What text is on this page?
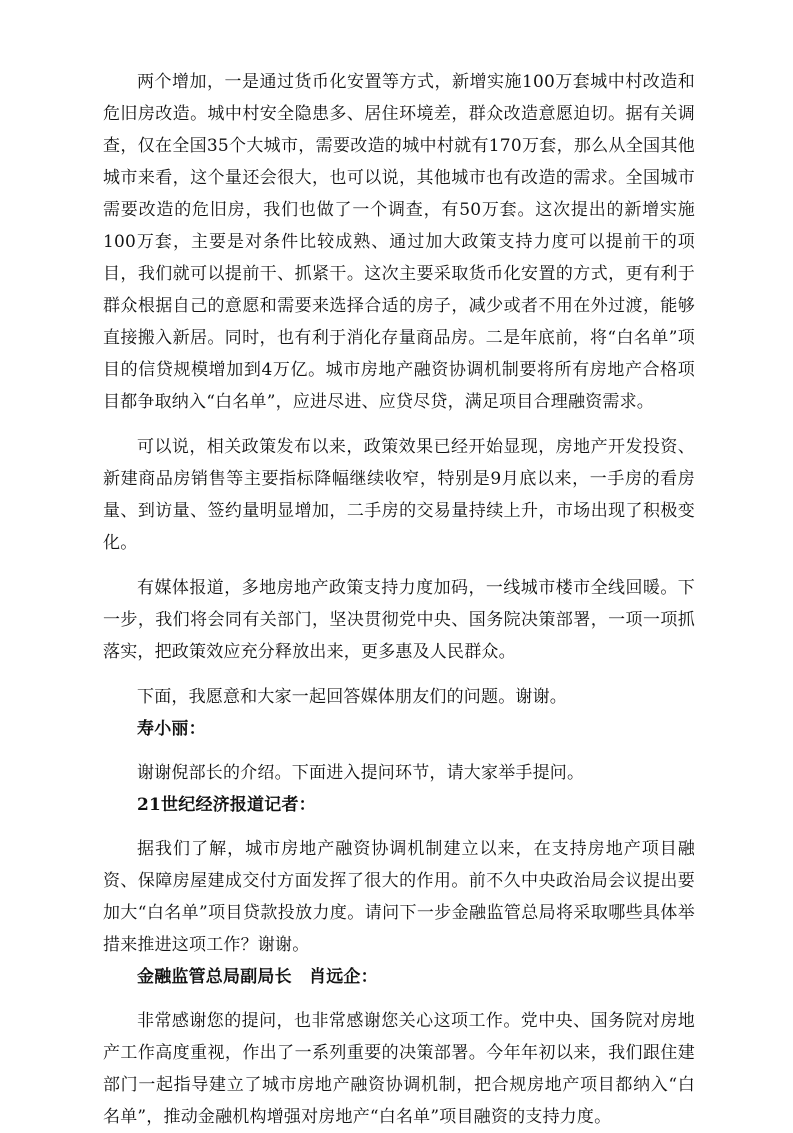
两个增加，一是通过货币化安置等方式，新增实施100万套城中村改造和危旧房改造。城中村安全隐患多、居住环境差，群众改造意愿迫切。据有关调查，仅在全国35个大城市，需要改造的城中村就有170万套，那么从全国其他城市来看，这个量还会很大，也可以说，其他城市也有改造的需求。全国城市需要改造的危旧房，我们也做了一个调查，有50万套。这次提出的新增实施100万套，主要是对条件比较成熟、通过加大政策支持力度可以提前干的项目，我们就可以提前干、抓紧干。这次主要采取货币化安置的方式，更有利于群众根据自己的意愿和需要来选择合适的房子，减少或者不用在外过渡，能够直接搬入新居。同时，也有利于消化存量商品房。二是年底前，将“白名单”项目的信贷规模增加到4万亿。城市房地产融资协调机制要将所有房地产合格项目都争取纳入“白名单”，应进尽进、应贷尽贷，满足项目合理融资需求。

可以说，相关政策发布以来，政策效果已经开始显现，房地产开发投资、新建商品房销售等主要指标降幅继续收窄，特别是9月底以来，一手房的看房量、到访量、签约量明显增加，二手房的交易量持续上升，市场出现了积极变化。

有媒体报道，多地房地产政策支持力度加码，一线城市楼市全线回暖。下一步，我们将会同有关部门，坚决贯彻党中央、国务院决策部署，一项一项抓落实，把政策效应充分释放出来，更多惠及人民群众。

下面，我愿意和大家一起回答媒体朋友们的问题。谢谢。

寿小丽：

谢谢倪部长的介绍。下面进入提问环节，请大家举手提问。

21世纪经济报道记者：

据我们了解，城市房地产融资协调机制建立以来，在支持房地产项目融资、保障房屋建成交付方面发挥了很大的作用。前不久中央政治局会议提出要加大“白名单”项目贷款投放力度。请问下一步金融监管总局将采取哪些具体举措来推进这项工作？谢谢。

金融监管总局副局长　肖远企：

非常感谢您的提问，也非常感谢您关心这项工作。党中央、国务院对房地产工作高度重视，作出了一系列重要的决策部署。今年年初以来，我们跟住建部门一起指导建立了城市房地产融资协调机制，把合规房地产项目都纳入“白名单”，推动金融机构增强对房地产“白名单”项目融资的支持力度。
